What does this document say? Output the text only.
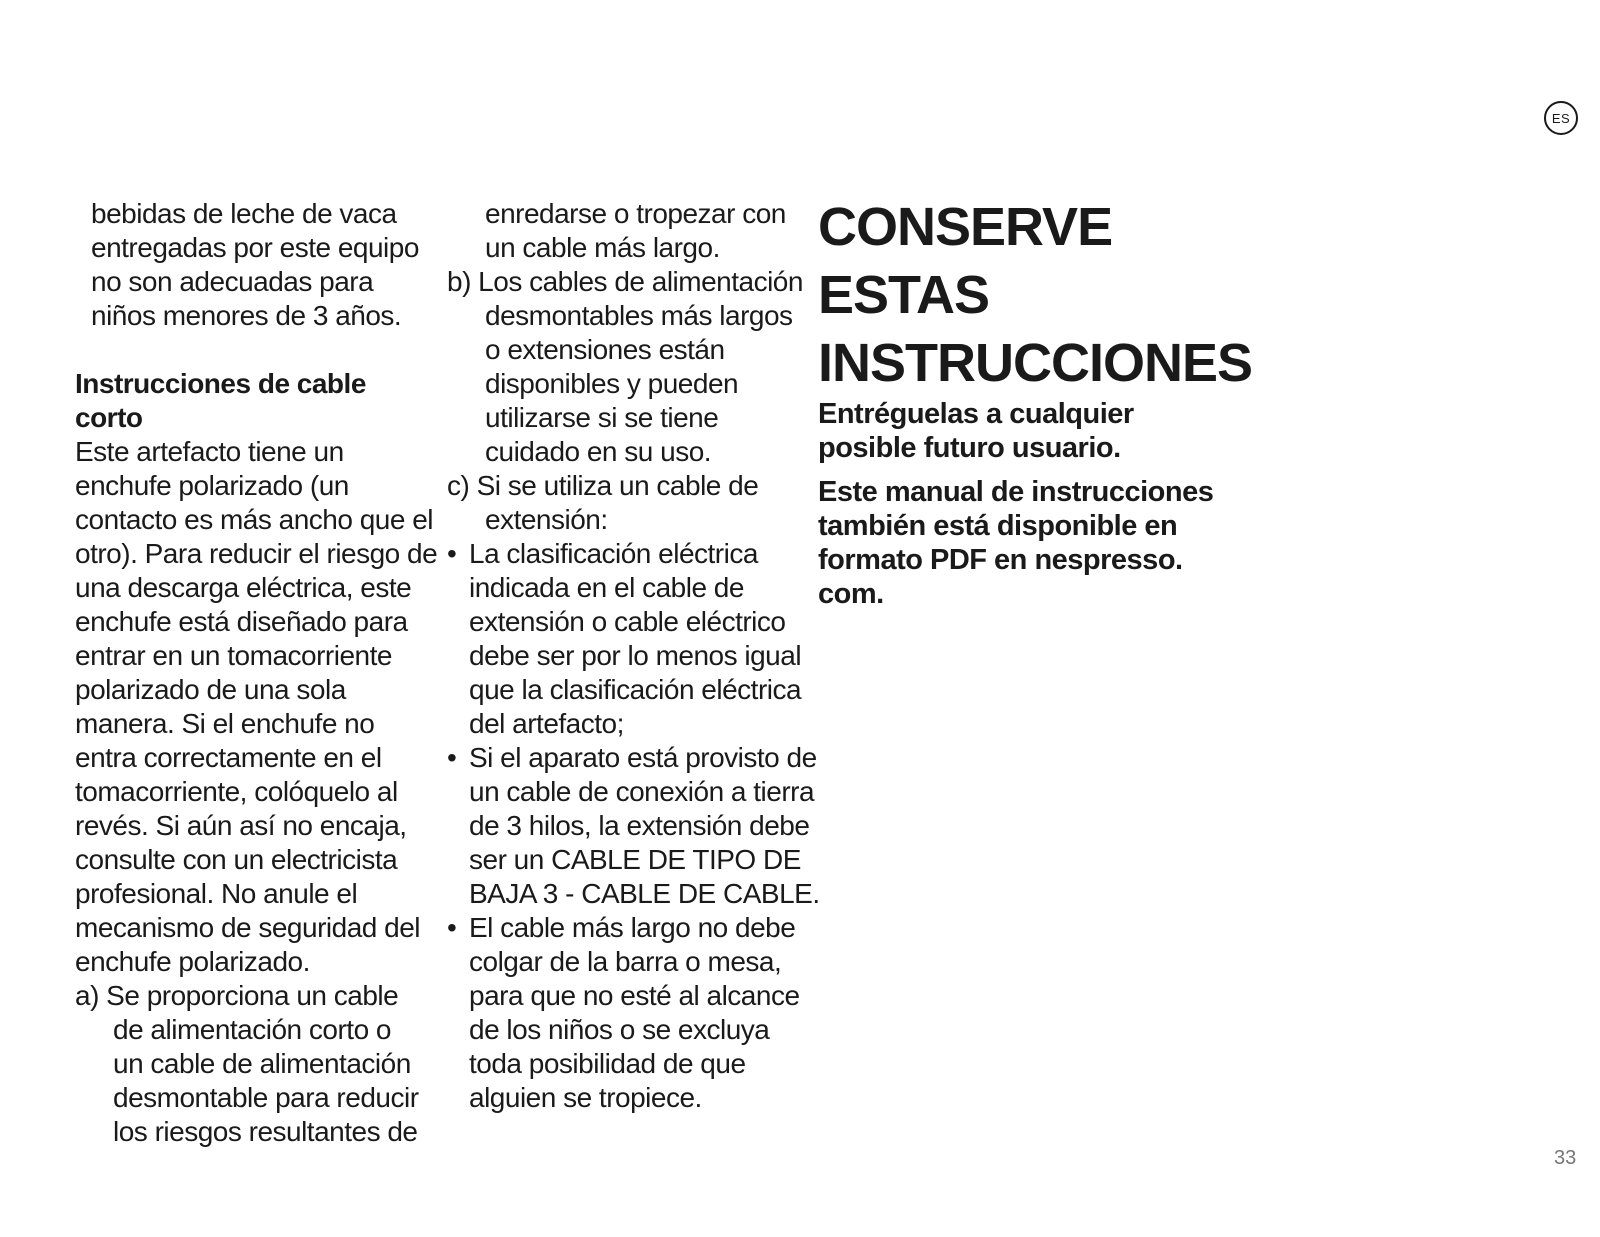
ES
bebidas de leche de vaca
entregadas por este equipo
no son adecuadas para
niños menores de 3 años.
Instrucciones de cable
corto
Este artefacto tiene un
enchufe polarizado (un
contacto es más ancho que el
otro). Para reducir el riesgo de
una descarga eléctrica, este
enchufe está diseñado para
entrar en un tomacorriente
polarizado de una sola
manera. Si el enchufe no
entra correctamente en el
tomacorriente, colóquelo al
revés. Si aún así no encaja,
consulte con un electricista
profesional. No anule el
mecanismo de seguridad del
enchufe polarizado.
a) Se proporciona un cable
de alimentación corto o
un cable de alimentación
desmontable para reducir
los riesgos resultantes de
enredarse o tropezar con
un cable más largo.
b) Los cables de alimentación
desmontables más largos
o extensiones están
disponibles y pueden
utilizarse si se tiene
cuidado en su uso.
c) Si se utiliza un cable de
extensión:
• La clasificación eléctrica
indicada en el cable de
extensión o cable eléctrico
debe ser por lo menos igual
que la clasificación eléctrica
del artefacto;
• Si el aparato está provisto de
un cable de conexión a tierra
de 3 hilos, la extensión debe
ser un CABLE DE TIPO DE
BAJA 3 - CABLE DE CABLE.
• El cable más largo no debe
colgar de la barra o mesa,
para que no esté al alcance
de los niños o se excluya
toda posibilidad de que
alguien se tropiece.
CONSERVE
ESTAS
INSTRUCCIONES
Entréguelas a cualquier
posible futuro usuario.
Este manual de instrucciones
también está disponible en
formato PDF en nespresso.
com.
33
